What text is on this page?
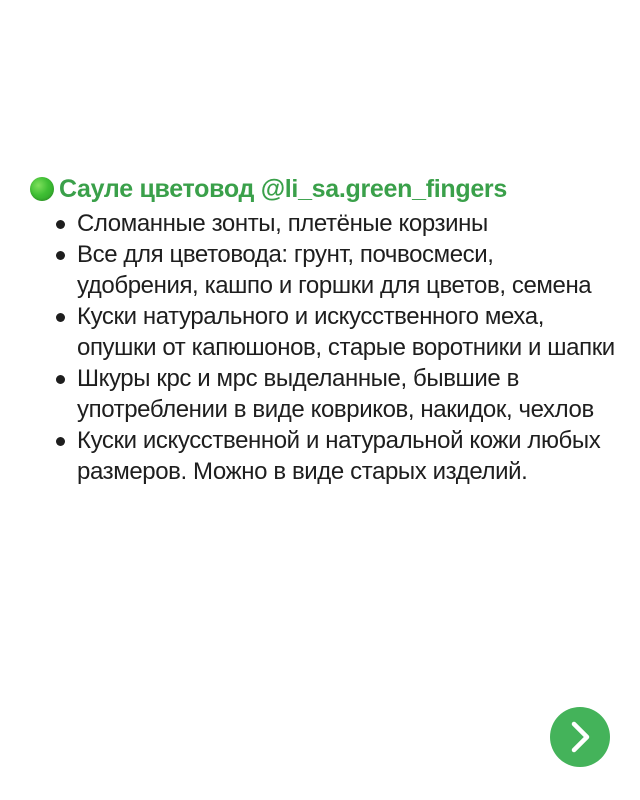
Сауле цветовод @li_sa.green_fingers
Сломанные зонты, плетёные корзины
Все для цветовода: грунт, почвосмеси, удобрения, кашпо и горшки для цветов, семена
Куски натурального и искусственного меха, опушки от капюшонов, старые воротники и шапки
Шкуры крс и мрс выделанные, бывшие в употреблении в виде ковриков, накидок, чехлов
Куски искусственной и натуральной кожи любых размеров. Можно в виде старых изделий.
